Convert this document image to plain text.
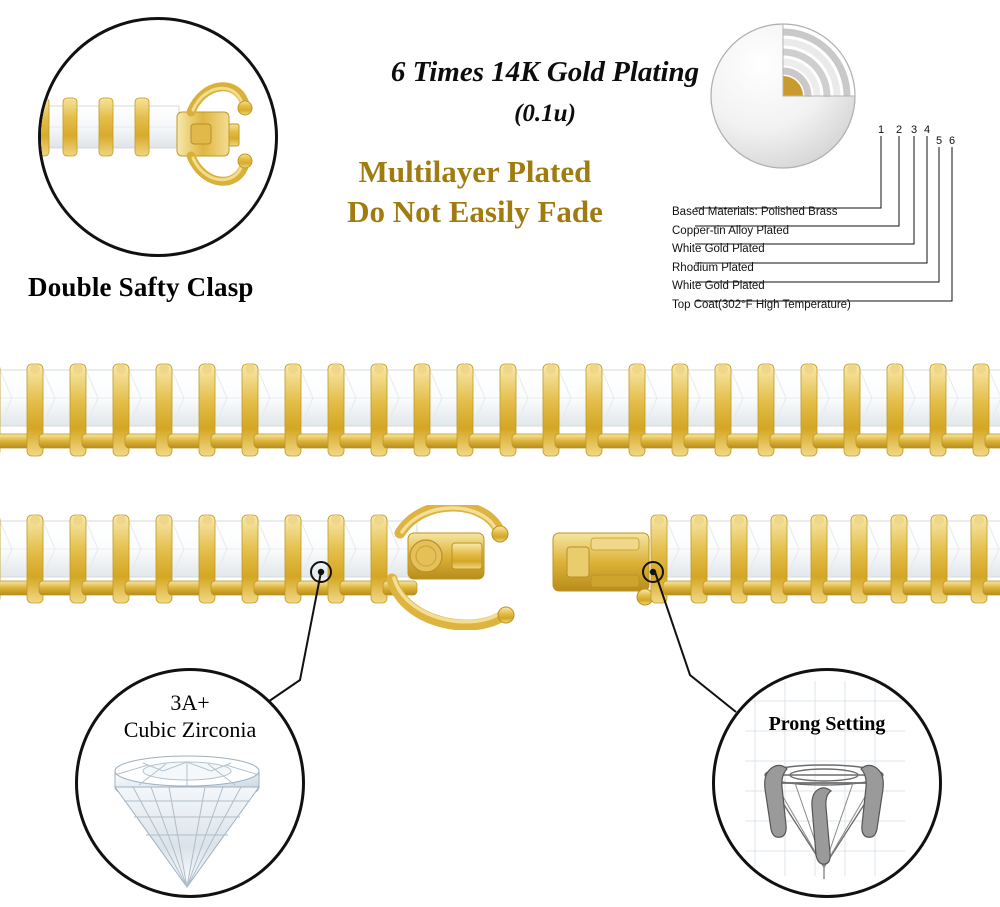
Double Safty Clasp
6 Times 14K Gold Plating
(0.1u)
Multilayer Plated
Do Not Easily Fade
1 2 3 4
5 6
Based Materials: Polished Brass
Copper-tin Alloy Plated
White Gold Plated
Rhodium Plated
White Gold Plated
Top Coat(302°F High Temperature)
3A+
Cubic Zirconia	Prong Setting
